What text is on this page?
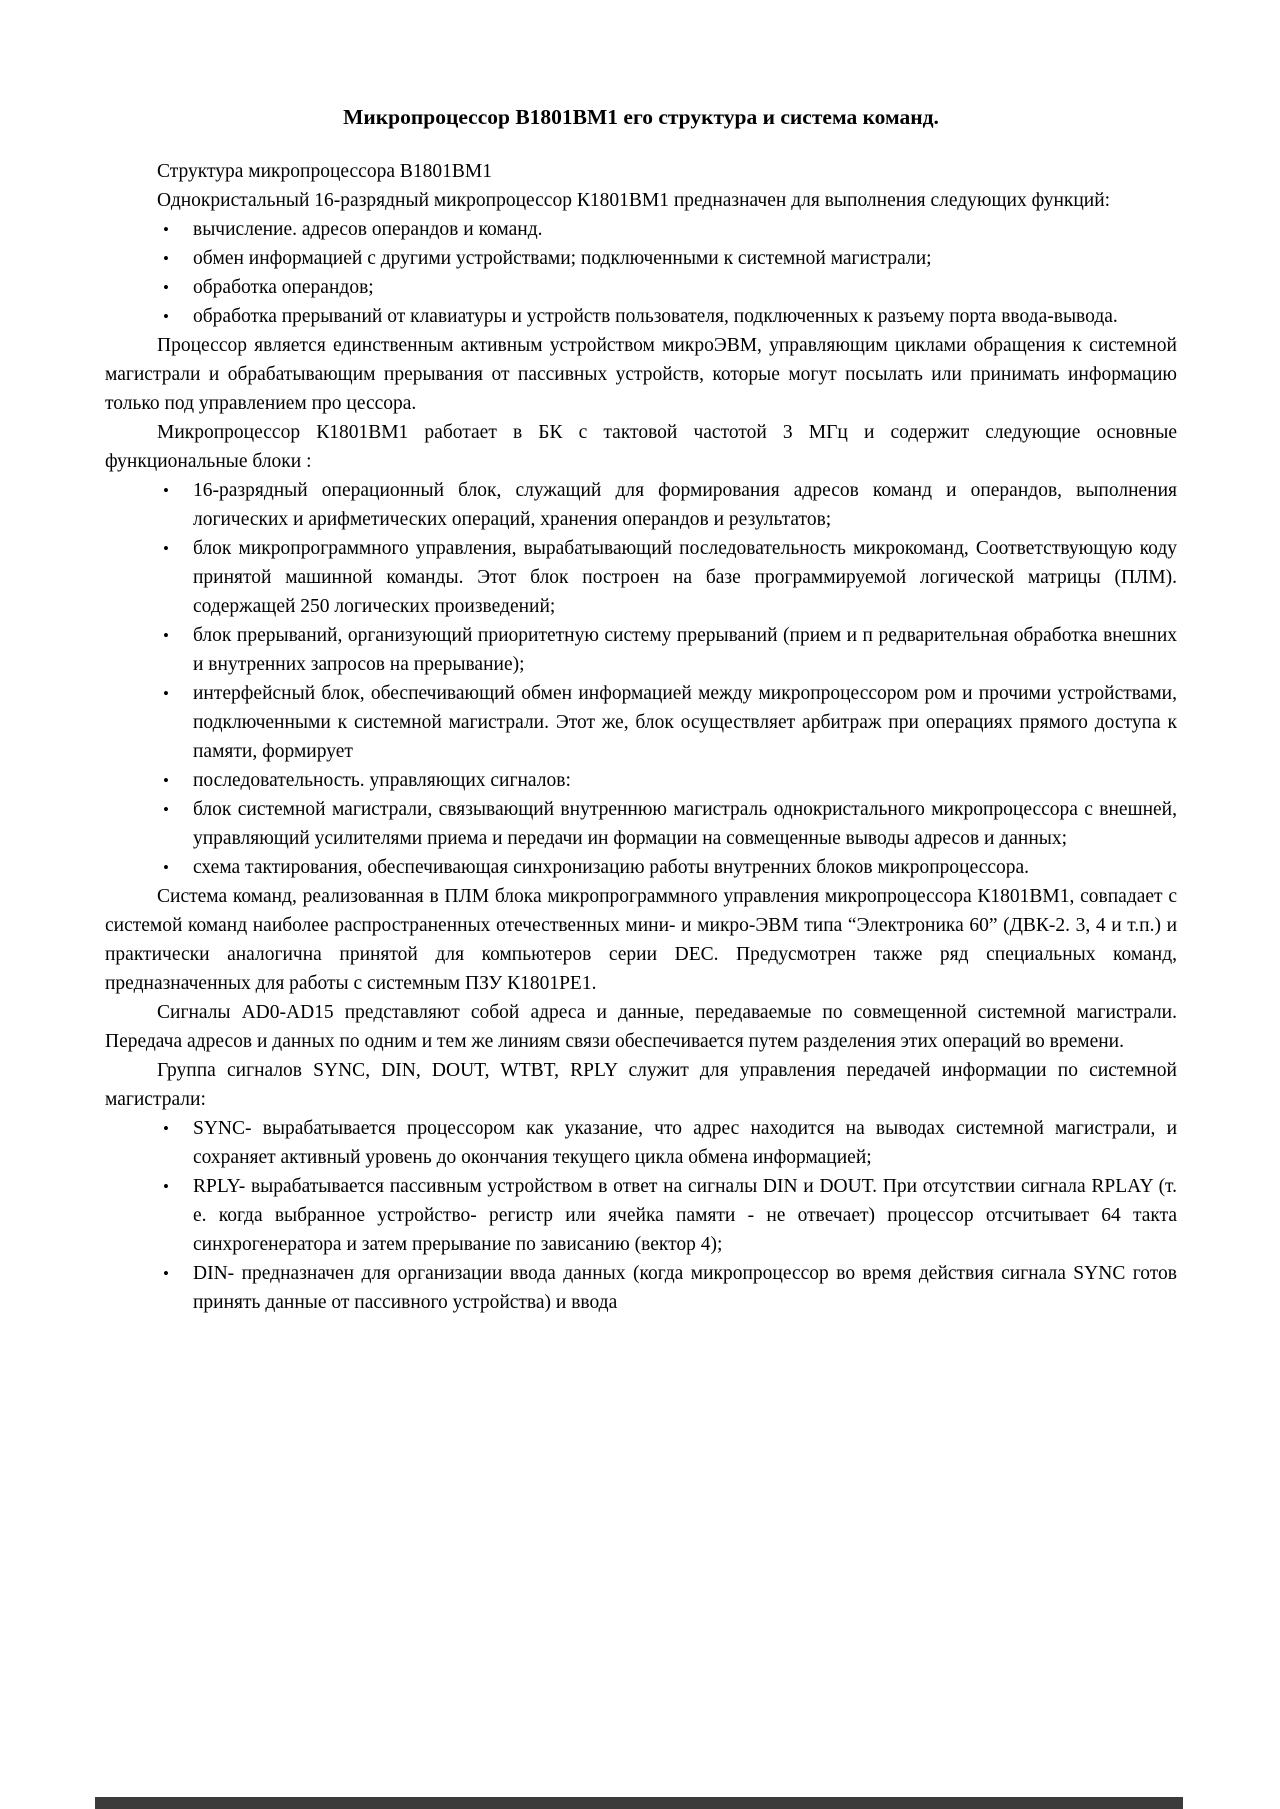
Микропроцессор В1801ВМ1 его структура и система команд.

Структура микропроцессора В1801ВМ1

Однокристальный 16-разрядный микропроцессор К1801ВМ1 предназначен для выполнения следующих функций:

• вычисление. адресов операндов и команд.
• обмен информацией с другими устройствами; подключенными к системной магистрали;
• обработка операндов;
• обработка прерываний от клавиатуры и устройств пользователя, подключенных к разъему порта ввода-вывода.

Процессор является единственным активным устройством микроЭВМ, управляющим циклами обращения к системной магистрали и обрабатывающим прерывания от пассивных устройств, которые могут посылать или принимать информацию только под управлением про цессора.

Микропроцессор К1801ВМ1 работает в БК с тактовой частотой 3 МГц и содержит следующие основные функциональные блоки :

• 16-разрядный операционный блок, служащий для формирования адресов команд и операндов, выполнения логических и арифметических операций, хранения операндов и результатов;
• блок микропрограммного управления, вырабатывающий последовательность микрокоманд, Соответствующую коду принятой машинной команды. Этот блок построен на базе программируемой логической матрицы (ПЛМ). содержащей 250 логических произведений;
• блок прерываний, организующий приоритетную систему прерываний (прием и п редварительная обработка внешних и внутренних запросов на прерывание);
• интерфейсный блок, обеспечивающий обмен информацией между микропроцессором ром и прочими устройствами, подключенными к системной магистрали. Этот же, блок осуществляет арбитраж при операциях прямого доступа к памяти, формирует
• последовательность. управляющих сигналов:
• блок системной магистрали, связывающий внутреннюю магистраль однокристального микропроцессора с внешней, управляющий усилителями приема и передачи ин формации на совмещенные выводы адресов и данных;
• схема тактирования, обеспечивающая синхронизацию работы внутренних блоков микропроцессора.

Система команд, реализованная в ПЛМ блока микропрограммного управления микропроцессора К1801ВМ1, совпадает с системой команд наиболее распространенных отечественных мини- и микро-ЭВМ типа “Электроника 60” (ДВК-2. 3, 4 и т.п.) и практически аналогична принятой для компьютеров серии DEC. Предусмотрен также ряд специальных команд, предназначенных для работы с системным ПЗУ К1801РЕ1.

Сигналы AD0-AD15 представляют собой адреса и данные, передаваемые по совмещенной системной магистрали. Передача адресов и данных по одним и тем же линиям связи обеспечивается путем разделения этих операций во времени.

Группа сигналов SYNC, DIN, DOUT, WTBT, RPLY служит для управления передачей информации по системной магистрали:

• SYNC- вырабатывается процессором как указание, что адрес находится на выводах системной магистрали, и сохраняет активный уровень до окончания текущего цикла обмена информацией;
• RPLY- вырабатывается пассивным устройством в ответ на сигналы DIN и DOUT. При отсутствии сигнала RPLAY (т. е. когда выбранное устройство- регистр или ячейка памяти - не отвечает) процессор отсчитывает 64 такта синхрогенератора и затем прерывание по зависанию (вектор 4);
• DIN- предназначен для организации ввода данных (когда микропроцессор во время действия сигнала SYNC готов принять данные от пассивного устройства) и ввода
